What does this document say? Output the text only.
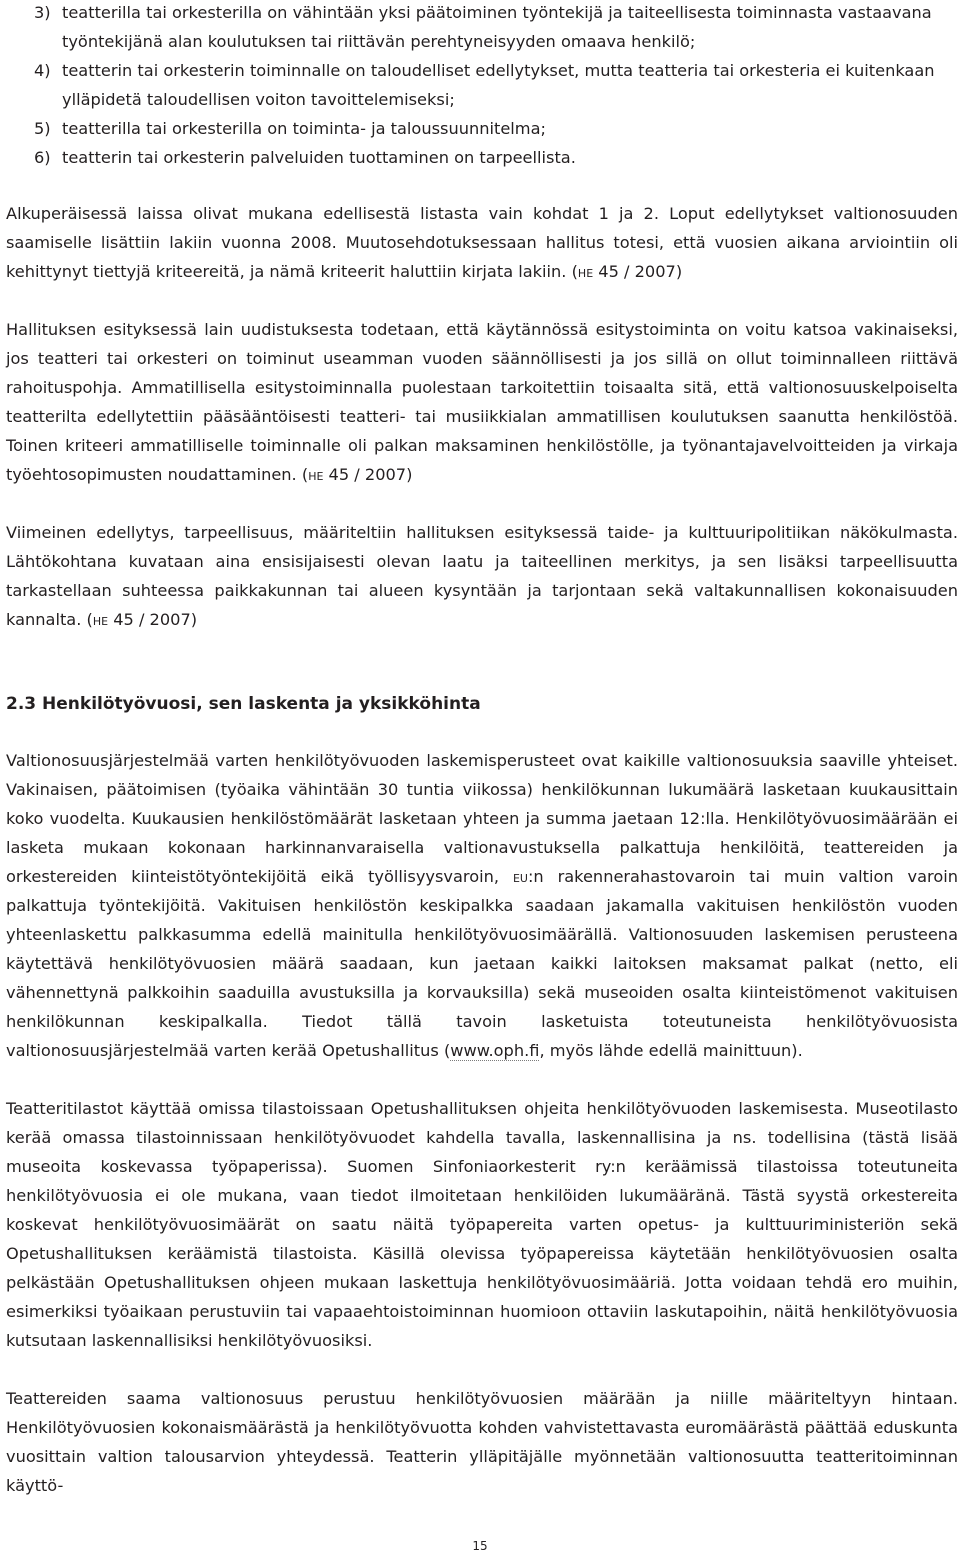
3) teatterilla tai orkesterilla on vähintään yksi päätoiminen työntekijä ja taiteellisesta toiminnasta vastaavana työntekijänä alan koulutuksen tai riittävän perehtyneisyyden omaava henkilö;
4) teatterin tai orkesterin toiminnalle on taloudelliset edellytykset, mutta teatteria tai orkesteria ei kuitenkaan ylläpidetä taloudellisen voiton tavoittelemiseksi;
5) teatterilla tai orkesterilla on toiminta- ja taloussuunnitelma;
6) teatterin tai orkesterin palveluiden tuottaminen on tarpeellista.

Alkuperäisessä laissa olivat mukana edellisestä listasta vain kohdat 1 ja 2. Loput edellytykset valtionosuuden saamiselle lisättiin lakiin vuonna 2008. Muutosehdotuksessaan hallitus totesi, että vuosien aikana arviointiin oli kehittynyt tiettyjä kriteereitä, ja nämä kriteerit haluttiin kirjata lakiin. (he 45 / 2007)

Hallituksen esityksessä lain uudistuksesta todetaan, että käytännössä esitystoiminta on voitu katsoa vakinaiseksi, jos teatteri tai orkesteri on toiminut useamman vuoden säännöllisesti ja jos sillä on ollut toiminnalleen riittävä rahoituspohja. Ammatillisella esitystoiminnalla puolestaan tarkoitettiin toisaalta sitä, että valtionosuuskelpoiselta teatterilta edellytettiin pääsääntöisesti teatteri- tai musiikkialan ammatillisen koulutuksen saanutta henkilöstöä. Toinen kriteeri ammatilliselle toiminnalle oli palkan maksaminen henkilöstölle, ja työnantajavelvoitteiden ja virkaja työehtosopimusten noudattaminen. (he 45 / 2007)

Viimeinen edellytys, tarpeellisuus, määriteltiin hallituksen esityksessä taide- ja kulttuuripolitiikan näkökulmasta. Lähtökohtana kuvataan aina ensisijaisesti olevan laatu ja taiteellinen merkitys, ja sen lisäksi tarpeellisuutta tarkastellaan suhteessa paikkakunnan tai alueen kysyntään ja tarjontaan sekä valtakunnallisen kokonaisuuden kannalta. (he 45 / 2007)

2.3 Henkilötyövuosi, sen laskenta ja yksikköhinta

Valtionosuusjärjestelmää varten henkilötyövuoden laskemisperusteet ovat kaikille valtionosuuksia saaville yhteiset. Vakinaisen, päätoimisen (työaika vähintään 30 tuntia viikossa) henkilökunnan lukumäärä lasketaan kuukausittain koko vuodelta. Kuukausien henkilöstömäärät lasketaan yhteen ja summa jaetaan 12:lla. Henkilötyövuosimäärään ei lasketa mukaan kokonaan harkinnanvaraisella valtionavustuksella palkattuja henkilöitä, teattereiden ja orkestereiden kiinteistötyöntekijöitä eikä työllisyysvaroin, eu:n rakennerahastovaroin tai muin valtion varoin palkattuja työntekijöitä. Vakituisen henkilöstön keskipalkka saadaan jakamalla vakituisen henkilöstön vuoden yhteenlaskettu palkkasumma edellä mainitulla henkilötyövuosimäärällä. Valtionosuuden laskemisen perusteena käytettävä henkilötyövuosien määrä saadaan, kun jaetaan kaikki laitoksen maksamat palkat (netto, eli vähennettynä palkkoihin saaduilla avustuksilla ja korvauksilla) sekä museoiden osalta kiinteistömenot vakituisen henkilökunnan keskipalkalla. Tiedot tällä tavoin lasketuista toteutuneista henkilötyövuosista valtionosuusjärjestelmää varten kerää Opetushallitus (www.oph.fi, myös lähde edellä mainittuun).

Teatteritilastot käyttää omissa tilastoissaan Opetushallituksen ohjeita henkilötyövuoden laskemisesta. Museotilasto kerää omassa tilastoinnissaan henkilötyövuodet kahdella tavalla, laskennallisina ja ns. todellisina (tästä lisää museoita koskevassa työpaperissa). Suomen Sinfoniaorkesterit ry:n keräämissä tilastoissa toteutuneita henkilötyövuosia ei ole mukana, vaan tiedot ilmoitetaan henkilöiden lukumääränä. Tästä syystä orkestereita koskevat henkilötyövuosimäärät on saatu näitä työpapereita varten opetus- ja kulttuuriministeriön sekä Opetushallituksen keräämistä tilastoista. Käsillä olevissa työpapereissa käytetään henkilötyövuosien osalta pelkästään Opetushallituksen ohjeen mukaan laskettuja henkilötyövuosimääriä. Jotta voidaan tehdä ero muihin, esimerkiksi työaikaan perustuviin tai vapaaehtoistoiminnan huomioon ottaviin laskutapoihin, näitä henkilötyövuosia kutsutaan laskennallisiksi henkilötyövuosiksi.

Teattereiden saama valtionosuus perustuu henkilötyövuosien määrään ja niille määriteltyyn hintaan. Henkilötyövuosien kokonaismäärästä ja henkilötyövuotta kohden vahvistettavasta euromäärästä päättää eduskunta vuosittain valtion talousarvion yhteydessä. Teatterin ylläpitäjälle myönnetään valtionosuutta teatteritoiminnan käyttö-

15
